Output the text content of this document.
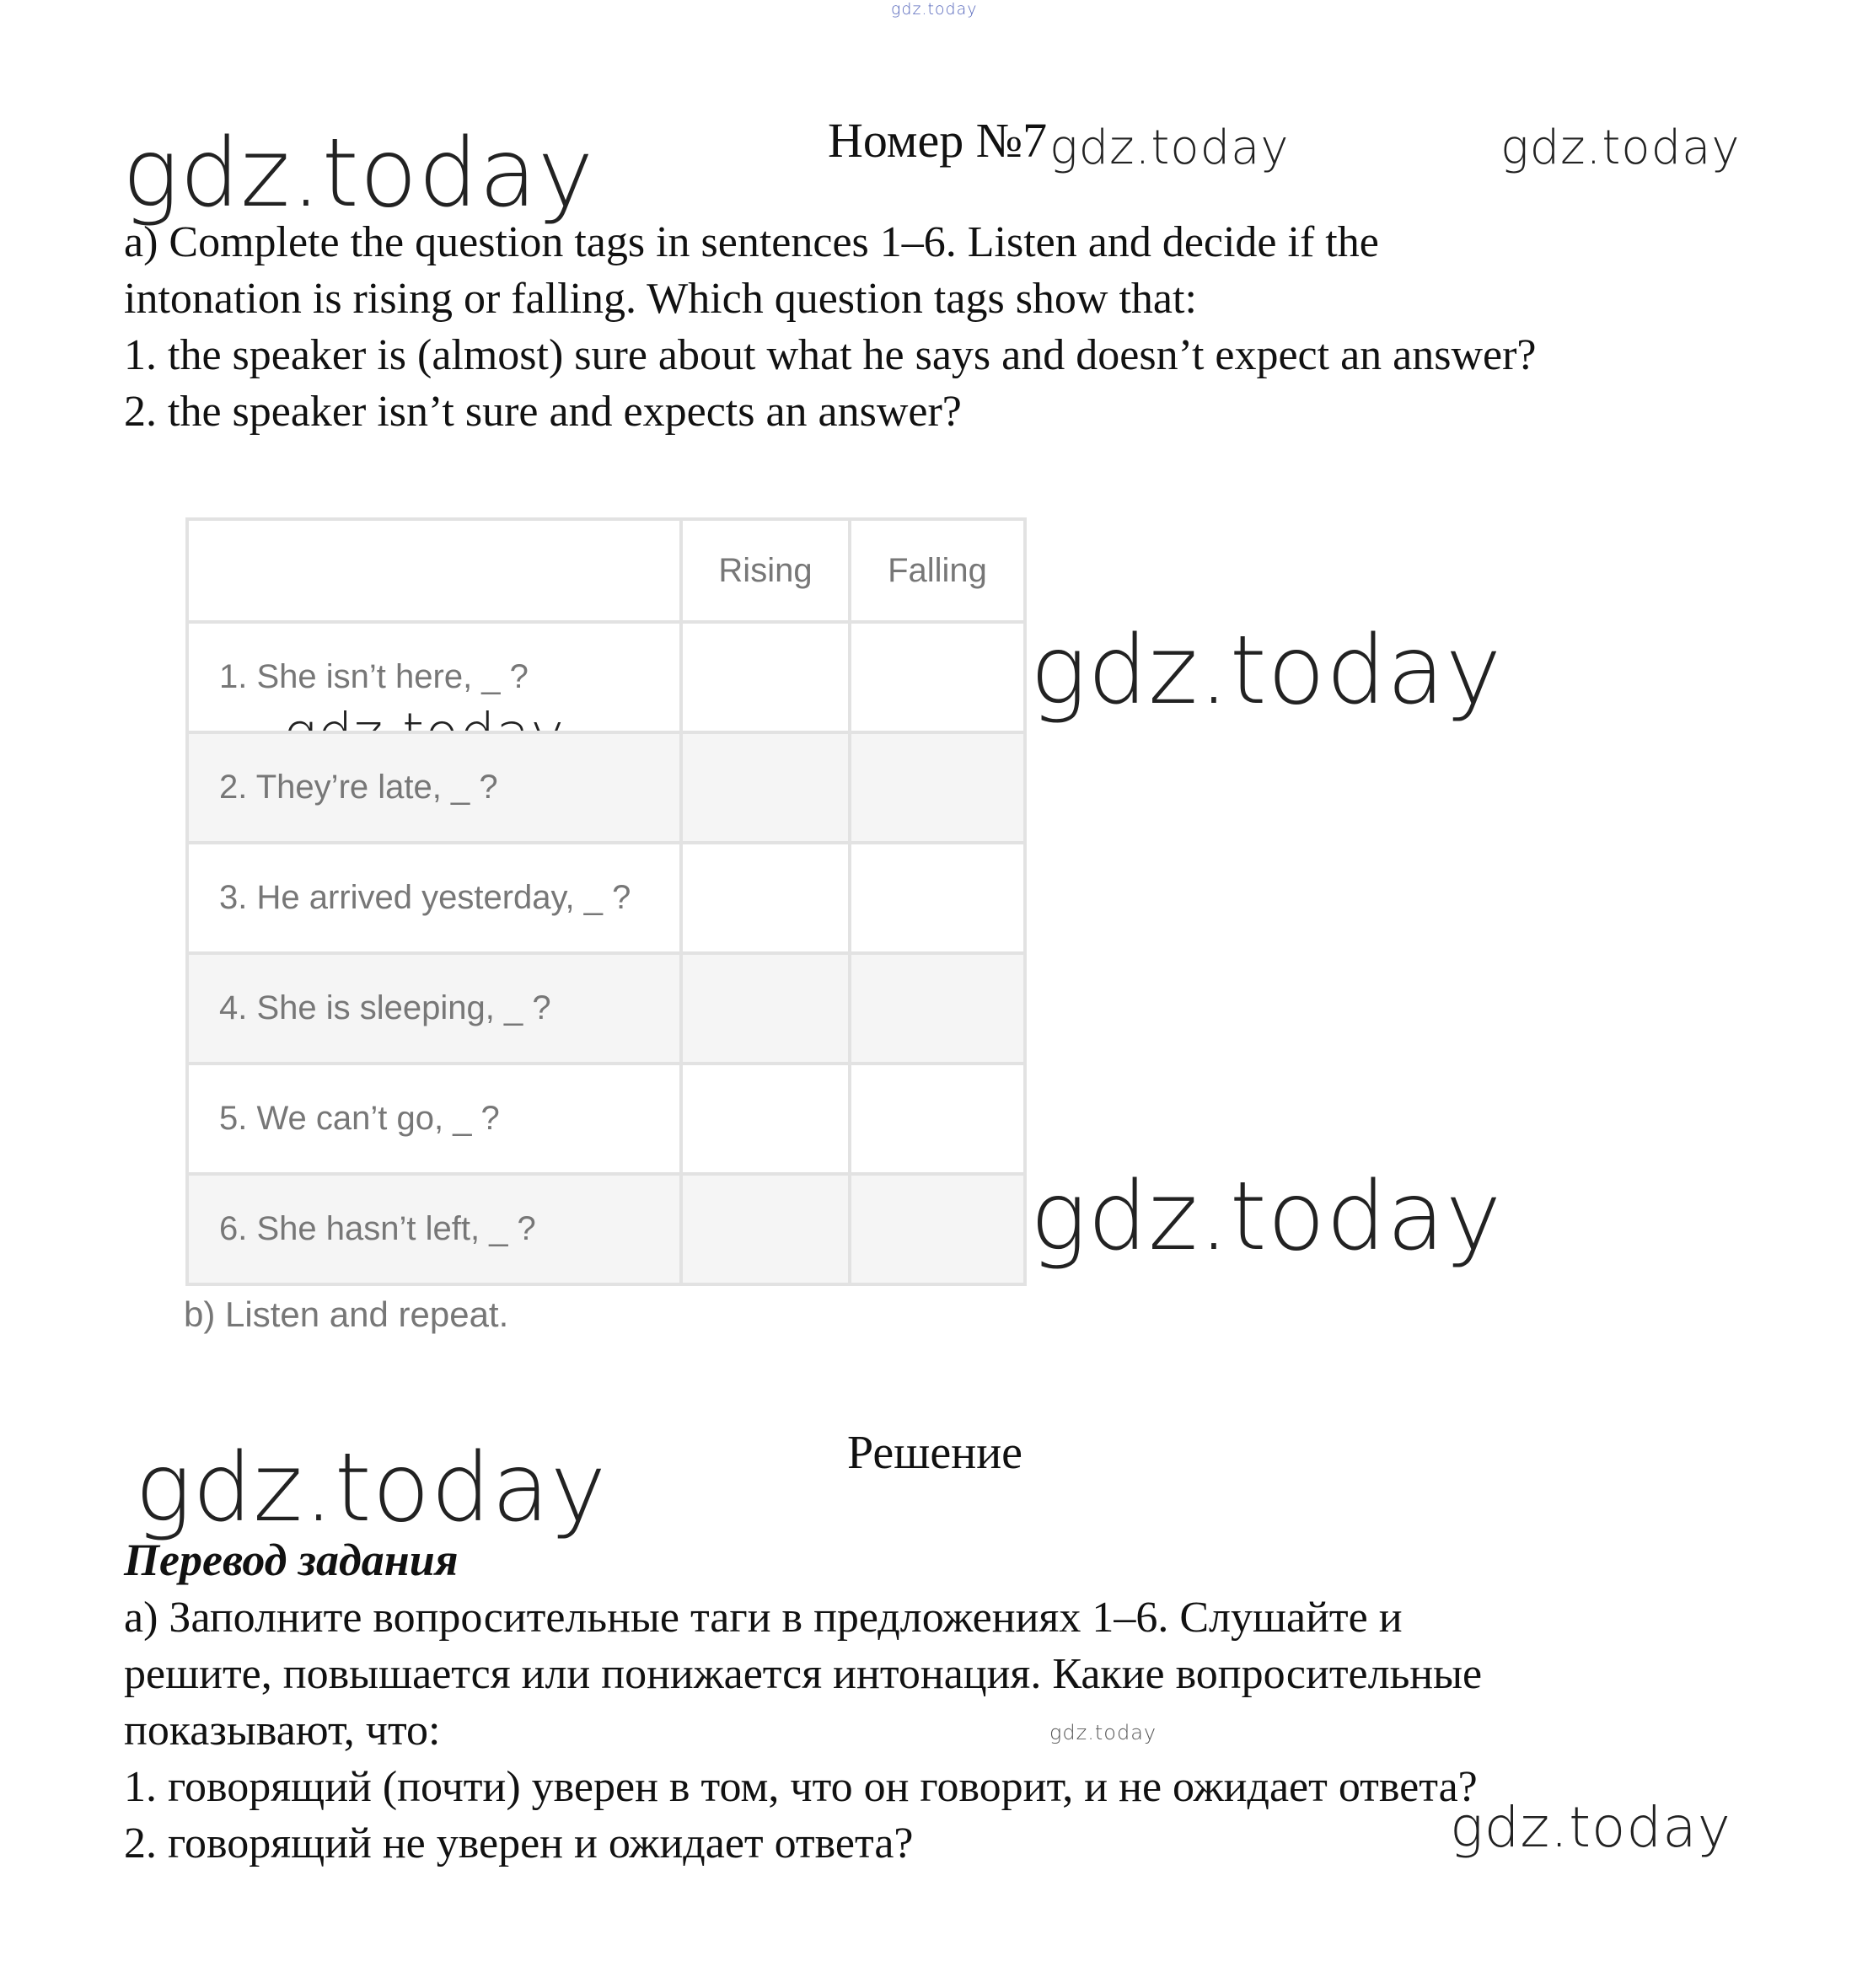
gdz.today
gdz.today	gdz.today	gdz.today
gdz.today
gdz.today
gdz.today
gdz.today
gdz.today
Номер №7
a) Complete the question tags in sentences 1–6. Listen and decide if the
intonation is rising or falling. Which question tags show that:
1. the speaker is (almost) sure about what he says and doesn’t expect an answer?
2. the speaker isn’t sure and expects an answer?
	Rising	Falling
1. She isn’t here, _ ?		
2. They’re late, _ ?		
3. He arrived yesterday, _ ?		
4. She is sleeping, _ ?		
5. We can’t go, _ ?		
6. She hasn’t left, _ ?		
b) Listen and repeat.
Решение
Перевод задания
а) Заполните вопросительные таги в предложениях 1–6. Слушайте и
решите, повышается или понижается интонация. Какие вопросительные
показывают, что:
1. говорящий (почти) уверен в том, что он говорит, и не ожидает ответа?
2. говорящий не уверен и ожидает ответа?
